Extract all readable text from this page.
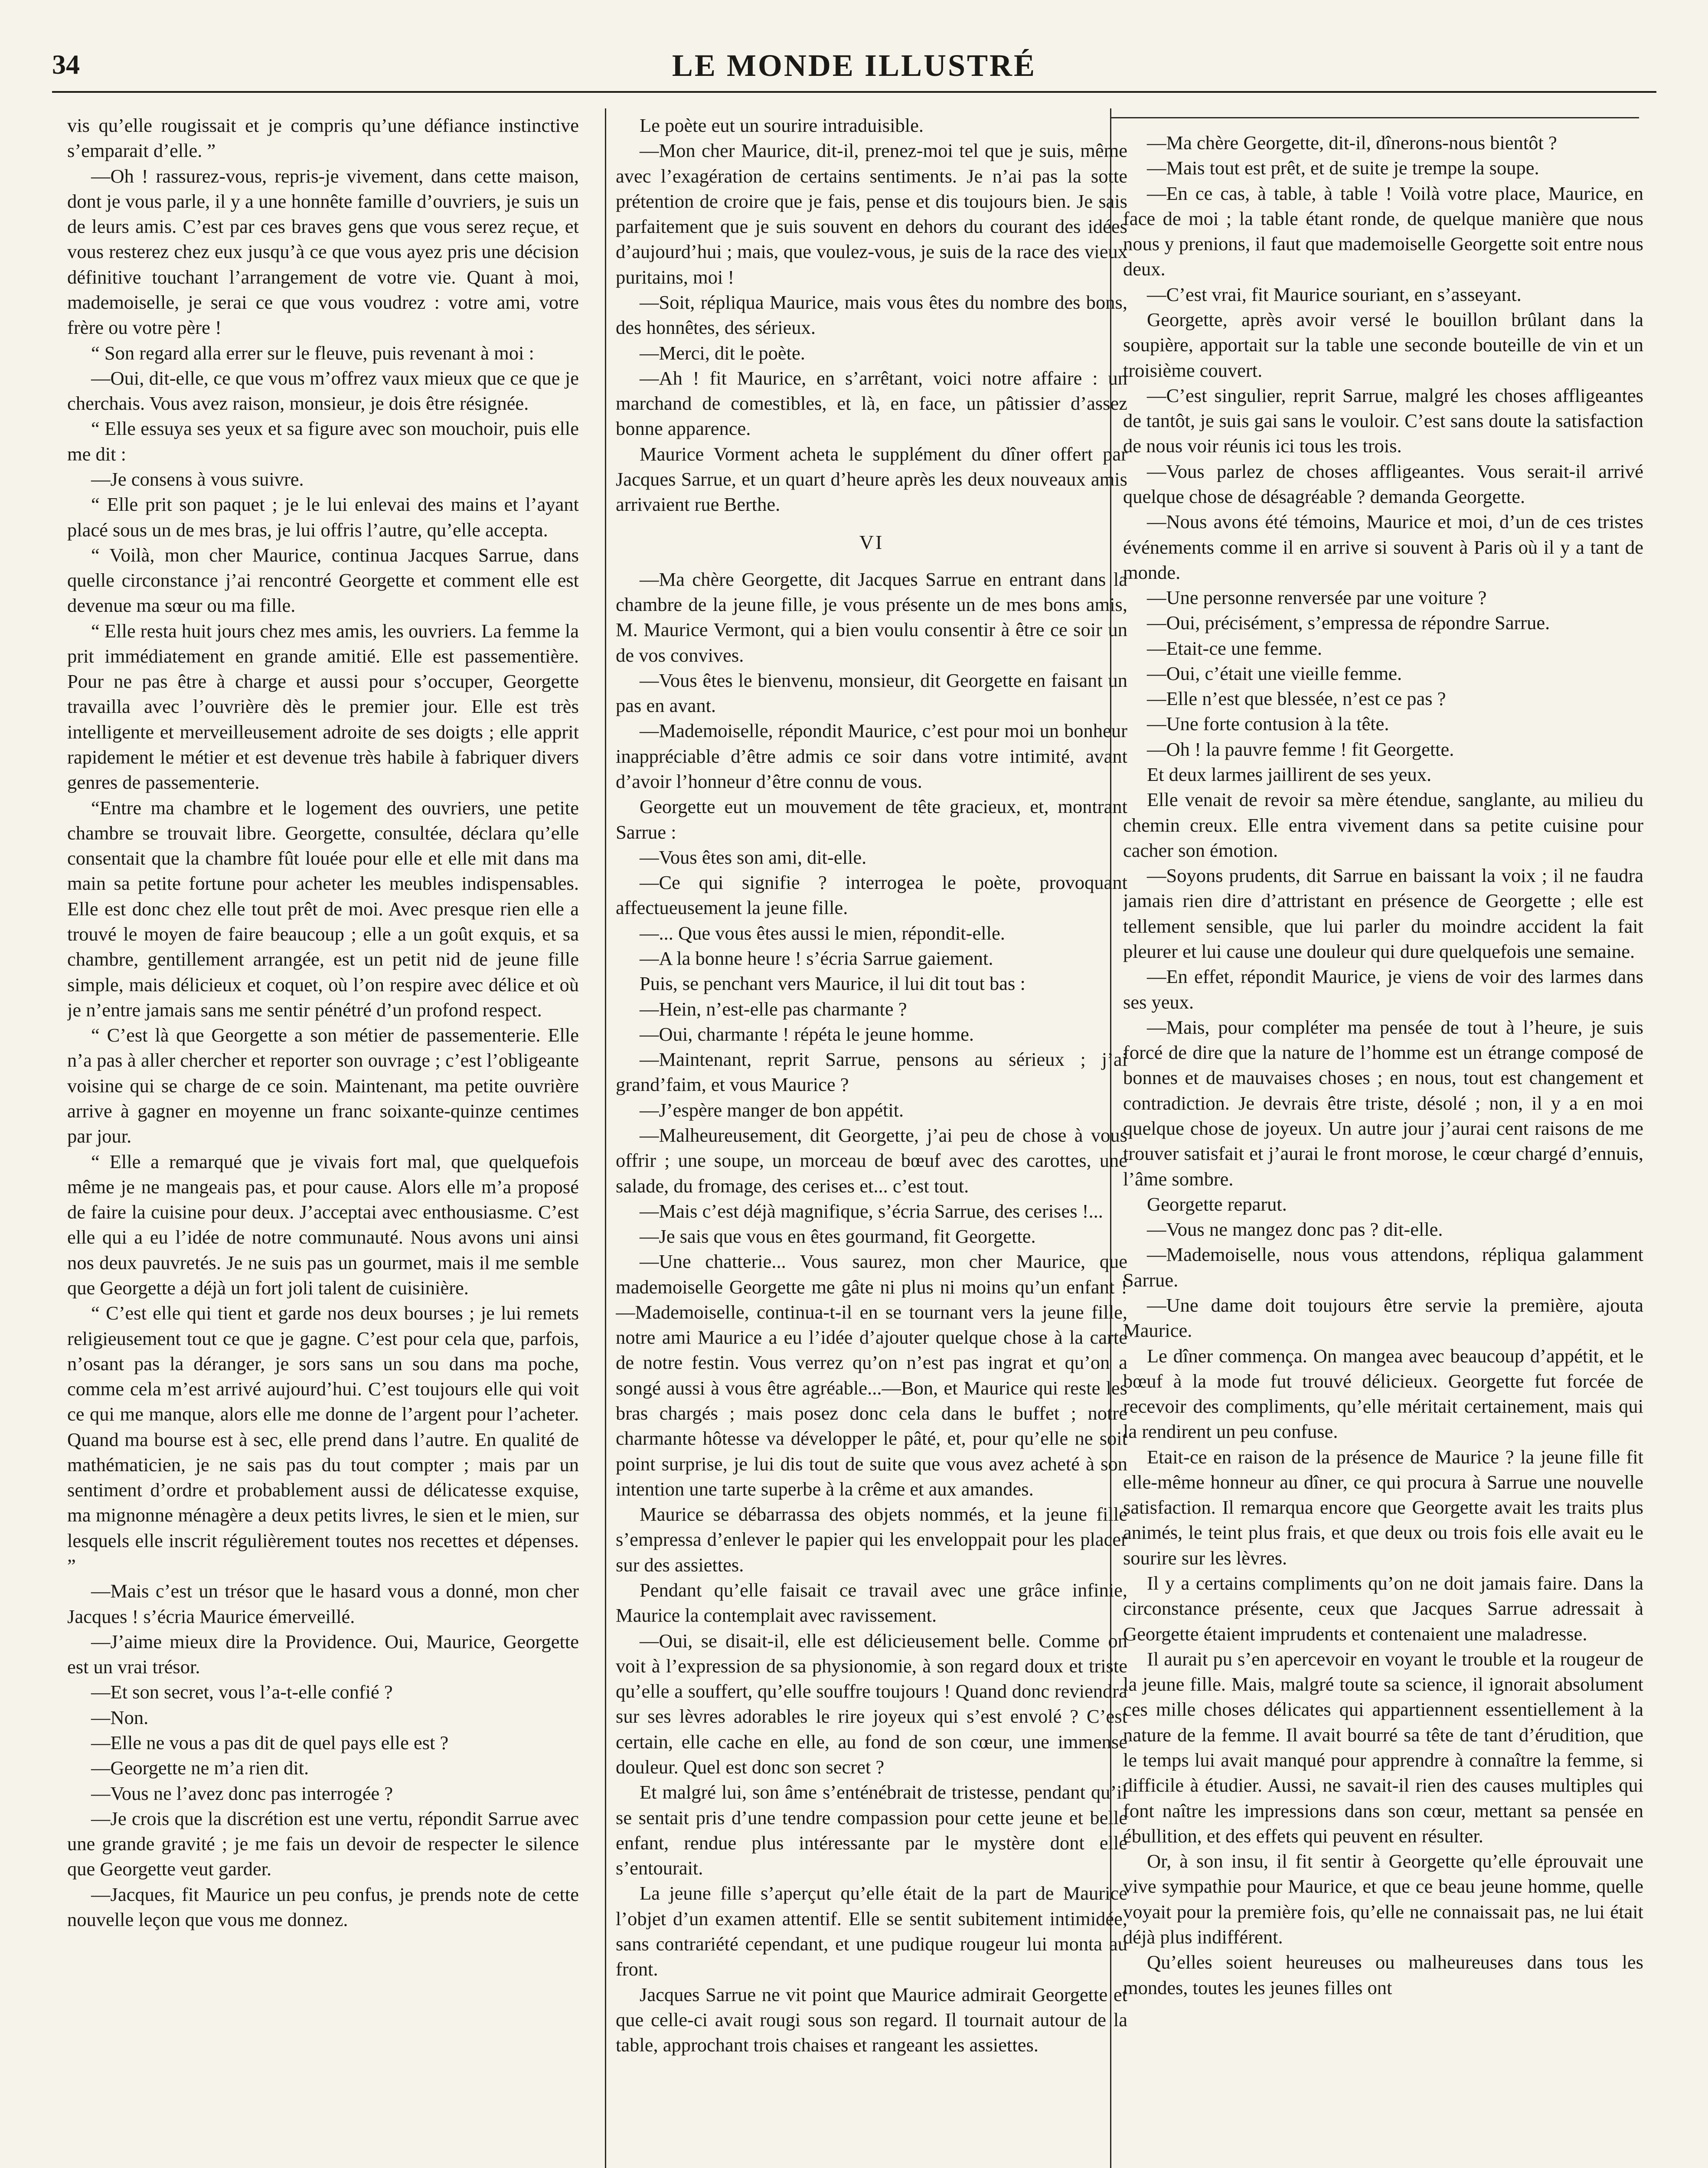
34	LE MONDE ILLUSTRÉ

vis qu’elle rougissait et je compris qu’une défiance instinctive s’emparait d’elle. ”

—Oh ! rassurez-vous, repris-je vivement, dans cette maison, dont je vous parle, il y a une honnête famille d’ouvriers, je suis un de leurs amis. C’est par ces braves gens que vous serez reçue, et vous resterez chez eux jusqu’à ce que vous ayez pris une décision définitive touchant l’arrangement de votre vie. Quant à moi, mademoiselle, je serai ce que vous voudrez : votre ami, votre frère ou votre père !

“ Son regard alla errer sur le fleuve, puis revenant à moi :

—Oui, dit-elle, ce que vous m’offrez vaux mieux que ce que je cherchais. Vous avez raison, monsieur, je dois être résignée.

“ Elle essuya ses yeux et sa figure avec son mouchoir, puis elle me dit :

—Je consens à vous suivre.

“ Elle prit son paquet ; je le lui enlevai des mains et l’ayant placé sous un de mes bras, je lui offris l’autre, qu’elle accepta.

“ Voilà, mon cher Maurice, continua Jacques Sarrue, dans quelle circonstance j’ai rencontré Georgette et comment elle est devenue ma sœur ou ma fille.

“ Elle resta huit jours chez mes amis, les ouvriers. La femme la prit immédiatement en grande amitié. Elle est passementière. Pour ne pas être à charge et aussi pour s’occuper, Georgette travailla avec l’ouvrière dès le premier jour. Elle est très intelligente et merveilleusement adroite de ses doigts ; elle apprit rapidement le métier et est devenue très habile à fabriquer divers genres de passementerie.

“Entre ma chambre et le logement des ouvriers, une petite chambre se trouvait libre. Georgette, consultée, déclara qu’elle consentait que la chambre fût louée pour elle et elle mit dans ma main sa petite fortune pour acheter les meubles indispensables. Elle est donc chez elle tout prêt de moi. Avec presque rien elle a trouvé le moyen de faire beaucoup ; elle a un goût exquis, et sa chambre, gentillement arrangée, est un petit nid de jeune fille simple, mais délicieux et coquet, où l’on respire avec délice et où je n’entre jamais sans me sentir pénétré d’un profond respect.

“ C’est là que Georgette a son métier de passementerie. Elle n’a pas à aller chercher et reporter son ouvrage ; c’est l’obligeante voisine qui se charge de ce soin. Maintenant, ma petite ouvrière arrive à gagner en moyenne un franc soixante-quinze centimes par jour.

“ Elle a remarqué que je vivais fort mal, que quelquefois même je ne mangeais pas, et pour cause. Alors elle m’a proposé de faire la cuisine pour deux. J’acceptai avec enthousiasme. C’est elle qui a eu l’idée de notre communauté. Nous avons uni ainsi nos deux pauvretés. Je ne suis pas un gourmet, mais il me semble que Georgette a déjà un fort joli talent de cuisinière.

“ C’est elle qui tient et garde nos deux bourses ; je lui remets religieusement tout ce que je gagne. C’est pour cela que, parfois, n’osant pas la déranger, je sors sans un sou dans ma poche, comme cela m’est arrivé aujourd’hui. C’est toujours elle qui voit ce qui me manque, alors elle me donne de l’argent pour l’acheter. Quand ma bourse est à sec, elle prend dans l’autre. En qualité de mathématicien, je ne sais pas du tout compter ; mais par un sentiment d’ordre et probablement aussi de délicatesse exquise, ma mignonne ménagère a deux petits livres, le sien et le mien, sur lesquels elle inscrit régulièrement toutes nos recettes et dépenses. ”

—Mais c’est un trésor que le hasard vous a donné, mon cher Jacques ! s’écria Maurice émerveillé.

—J’aime mieux dire la Providence. Oui, Maurice, Georgette est un vrai trésor.

—Et son secret, vous l’a-t-elle confié ?

—Non.

—Elle ne vous a pas dit de quel pays elle est ?

—Georgette ne m’a rien dit.

—Vous ne l’avez donc pas interrogée ?

—Je crois que la discrétion est une vertu, répondit Sarrue avec une grande gravité ; je me fais un devoir de respecter le silence que Georgette veut garder.

—Jacques, fit Maurice un peu confus, je prends note de cette nouvelle leçon que vous me donnez.

Le poète eut un sourire intraduisible.

—Mon cher Maurice, dit-il, prenez-moi tel que je suis, même avec l’exagération de certains sentiments. Je n’ai pas la sotte prétention de croire que je fais, pense et dis toujours bien. Je sais parfaitement que je suis souvent en dehors du courant des idées d’aujourd’hui ; mais, que voulez-vous, je suis de la race des vieux puritains, moi !

—Soit, répliqua Maurice, mais vous êtes du nombre des bons, des honnêtes, des sérieux.

—Merci, dit le poète.

—Ah ! fit Maurice, en s’arrêtant, voici notre affaire : un marchand de comestibles, et là, en face, un pâtissier d’assez bonne apparence.

Maurice Vorment acheta le supplément du dîner offert par Jacques Sarrue, et un quart d’heure après les deux nouveaux amis arrivaient rue Berthe.

VI

—Ma chère Georgette, dit Jacques Sarrue en entrant dans la chambre de la jeune fille, je vous présente un de mes bons amis, M. Maurice Vermont, qui a bien voulu consentir à être ce soir un de vos convives.

—Vous êtes le bienvenu, monsieur, dit Georgette en faisant un pas en avant.

—Mademoiselle, répondit Maurice, c’est pour moi un bonheur inappréciable d’être admis ce soir dans votre intimité, avant d’avoir l’honneur d’être connu de vous.

Georgette eut un mouvement de tête gracieux, et, montrant Sarrue :

—Vous êtes son ami, dit-elle.

—Ce qui signifie ? interrogea le poète, provoquant affectueusement la jeune fille.

—... Que vous êtes aussi le mien, répondit-elle.

—A la bonne heure ! s’écria Sarrue gaiement.

Puis, se penchant vers Maurice, il lui dit tout bas :

—Hein, n’est-elle pas charmante ?

—Oui, charmante ! répéta le jeune homme.

—Maintenant, reprit Sarrue, pensons au sérieux ; j’ai grand’faim, et vous Maurice ?

—J’espère manger de bon appétit.

—Malheureusement, dit Georgette, j’ai peu de chose à vous offrir ; une soupe, un morceau de bœuf avec des carottes, une salade, du fromage, des cerises et... c’est tout.

—Mais c’est déjà magnifique, s’écria Sarrue, des cerises !...

—Je sais que vous en êtes gourmand, fit Georgette.

—Une chatterie... Vous saurez, mon cher Maurice, que mademoiselle Georgette me gâte ni plus ni moins qu’un enfant !—Mademoiselle, continua-t-il en se tournant vers la jeune fille, notre ami Maurice a eu l’idée d’ajouter quelque chose à la carte de notre festin. Vous verrez qu’on n’est pas ingrat et qu’on a songé aussi à vous être agréable...—Bon, et Maurice qui reste les bras chargés ; mais posez donc cela dans le buffet ; notre charmante hôtesse va développer le pâté, et, pour qu’elle ne soit point surprise, je lui dis tout de suite que vous avez acheté à son intention une tarte superbe à la crême et aux amandes.

Maurice se débarrassa des objets nommés, et la jeune fille s’empressa d’enlever le papier qui les enveloppait pour les placer sur des assiettes.

Pendant qu’elle faisait ce travail avec une grâce infinie, Maurice la contemplait avec ravissement.

—Oui, se disait-il, elle est délicieusement belle. Comme on voit à l’expression de sa physionomie, à son regard doux et triste qu’elle a souffert, qu’elle souffre toujours ! Quand donc reviendra sur ses lèvres adorables le rire joyeux qui s’est envolé ? C’est certain, elle cache en elle, au fond de son cœur, une immense douleur. Quel est donc son secret ?

Et malgré lui, son âme s’enténébrait de tristesse, pendant qu’il se sentait pris d’une tendre compassion pour cette jeune et belle enfant, rendue plus intéressante par le mystère dont elle s’entourait.

La jeune fille s’aperçut qu’elle était de la part de Maurice l’objet d’un examen attentif. Elle se sentit subitement intimidée, sans contrariété cependant, et une pudique rougeur lui monta au front.

Jacques Sarrue ne vit point que Maurice admirait Georgette et que celle-ci avait rougi sous son regard. Il tournait autour de la table, approchant trois chaises et rangeant les assiettes.

—Ma chère Georgette, dit-il, dînerons-nous bientôt ?

—Mais tout est prêt, et de suite je trempe la soupe.

—En ce cas, à table, à table ! Voilà votre place, Maurice, en face de moi ; la table étant ronde, de quelque manière que nous nous y prenions, il faut que mademoiselle Georgette soit entre nous deux.

—C’est vrai, fit Maurice souriant, en s’asseyant.

Georgette, après avoir versé le bouillon brûlant dans la soupière, apportait sur la table une seconde bouteille de vin et un troisième couvert.

—C’est singulier, reprit Sarrue, malgré les choses affligeantes de tantôt, je suis gai sans le vouloir. C’est sans doute la satisfaction de nous voir réunis ici tous les trois.

—Vous parlez de choses affligeantes. Vous serait-il arrivé quelque chose de désagréable ? demanda Georgette.

—Nous avons été témoins, Maurice et moi, d’un de ces tristes événements comme il en arrive si souvent à Paris où il y a tant de monde.

—Une personne renversée par une voiture ?

—Oui, précisément, s’empressa de répondre Sarrue.

—Etait-ce une femme.

—Oui, c’était une vieille femme.

—Elle n’est que blessée, n’est ce pas ?

—Une forte contusion à la tête.

—Oh ! la pauvre femme ! fit Georgette.

Et deux larmes jaillirent de ses yeux.

Elle venait de revoir sa mère étendue, sanglante, au milieu du chemin creux. Elle entra vivement dans sa petite cuisine pour cacher son émotion.

—Soyons prudents, dit Sarrue en baissant la voix ; il ne faudra jamais rien dire d’attristant en présence de Georgette ; elle est tellement sensible, que lui parler du moindre accident la fait pleurer et lui cause une douleur qui dure quelquefois une semaine.

—En effet, répondit Maurice, je viens de voir des larmes dans ses yeux.

—Mais, pour compléter ma pensée de tout à l’heure, je suis forcé de dire que la nature de l’homme est un étrange composé de bonnes et de mauvaises choses ; en nous, tout est changement et contradiction. Je devrais être triste, désolé ; non, il y a en moi quelque chose de joyeux. Un autre jour j’aurai cent raisons de me trouver satisfait et j’aurai le front morose, le cœur chargé d’ennuis, l’âme sombre.

Georgette reparut.

—Vous ne mangez donc pas ? dit-elle.

—Mademoiselle, nous vous attendons, répliqua galamment Sarrue.

—Une dame doit toujours être servie la première, ajouta Maurice.

Le dîner commença. On mangea avec beaucoup d’appétit, et le bœuf à la mode fut trouvé délicieux. Georgette fut forcée de recevoir des compliments, qu’elle méritait certainement, mais qui la rendirent un peu confuse.

Etait-ce en raison de la présence de Maurice ? la jeune fille fit elle-même honneur au dîner, ce qui procura à Sarrue une nouvelle satisfaction. Il remarqua encore que Georgette avait les traits plus animés, le teint plus frais, et que deux ou trois fois elle avait eu le sourire sur les lèvres.

Il y a certains compliments qu’on ne doit jamais faire. Dans la circonstance présente, ceux que Jacques Sarrue adressait à Georgette étaient imprudents et contenaient une maladresse.

Il aurait pu s’en apercevoir en voyant le trouble et la rougeur de la jeune fille. Mais, malgré toute sa science, il ignorait absolument ces mille choses délicates qui appartiennent essentiellement à la nature de la femme. Il avait bourré sa tête de tant d’érudition, que le temps lui avait manqué pour apprendre à connaître la femme, si difficile à étudier. Aussi, ne savait-il rien des causes multiples qui font naître les impressions dans son cœur, mettant sa pensée en ébullition, et des effets qui peuvent en résulter.

Or, à son insu, il fit sentir à Georgette qu’elle éprouvait une vive sympathie pour Maurice, et que ce beau jeune homme, quelle voyait pour la première fois, qu’elle ne connaissait pas, ne lui était déjà plus indifférent.

Qu’elles soient heureuses ou malheureuses dans tous les mondes, toutes les jeunes filles ont
